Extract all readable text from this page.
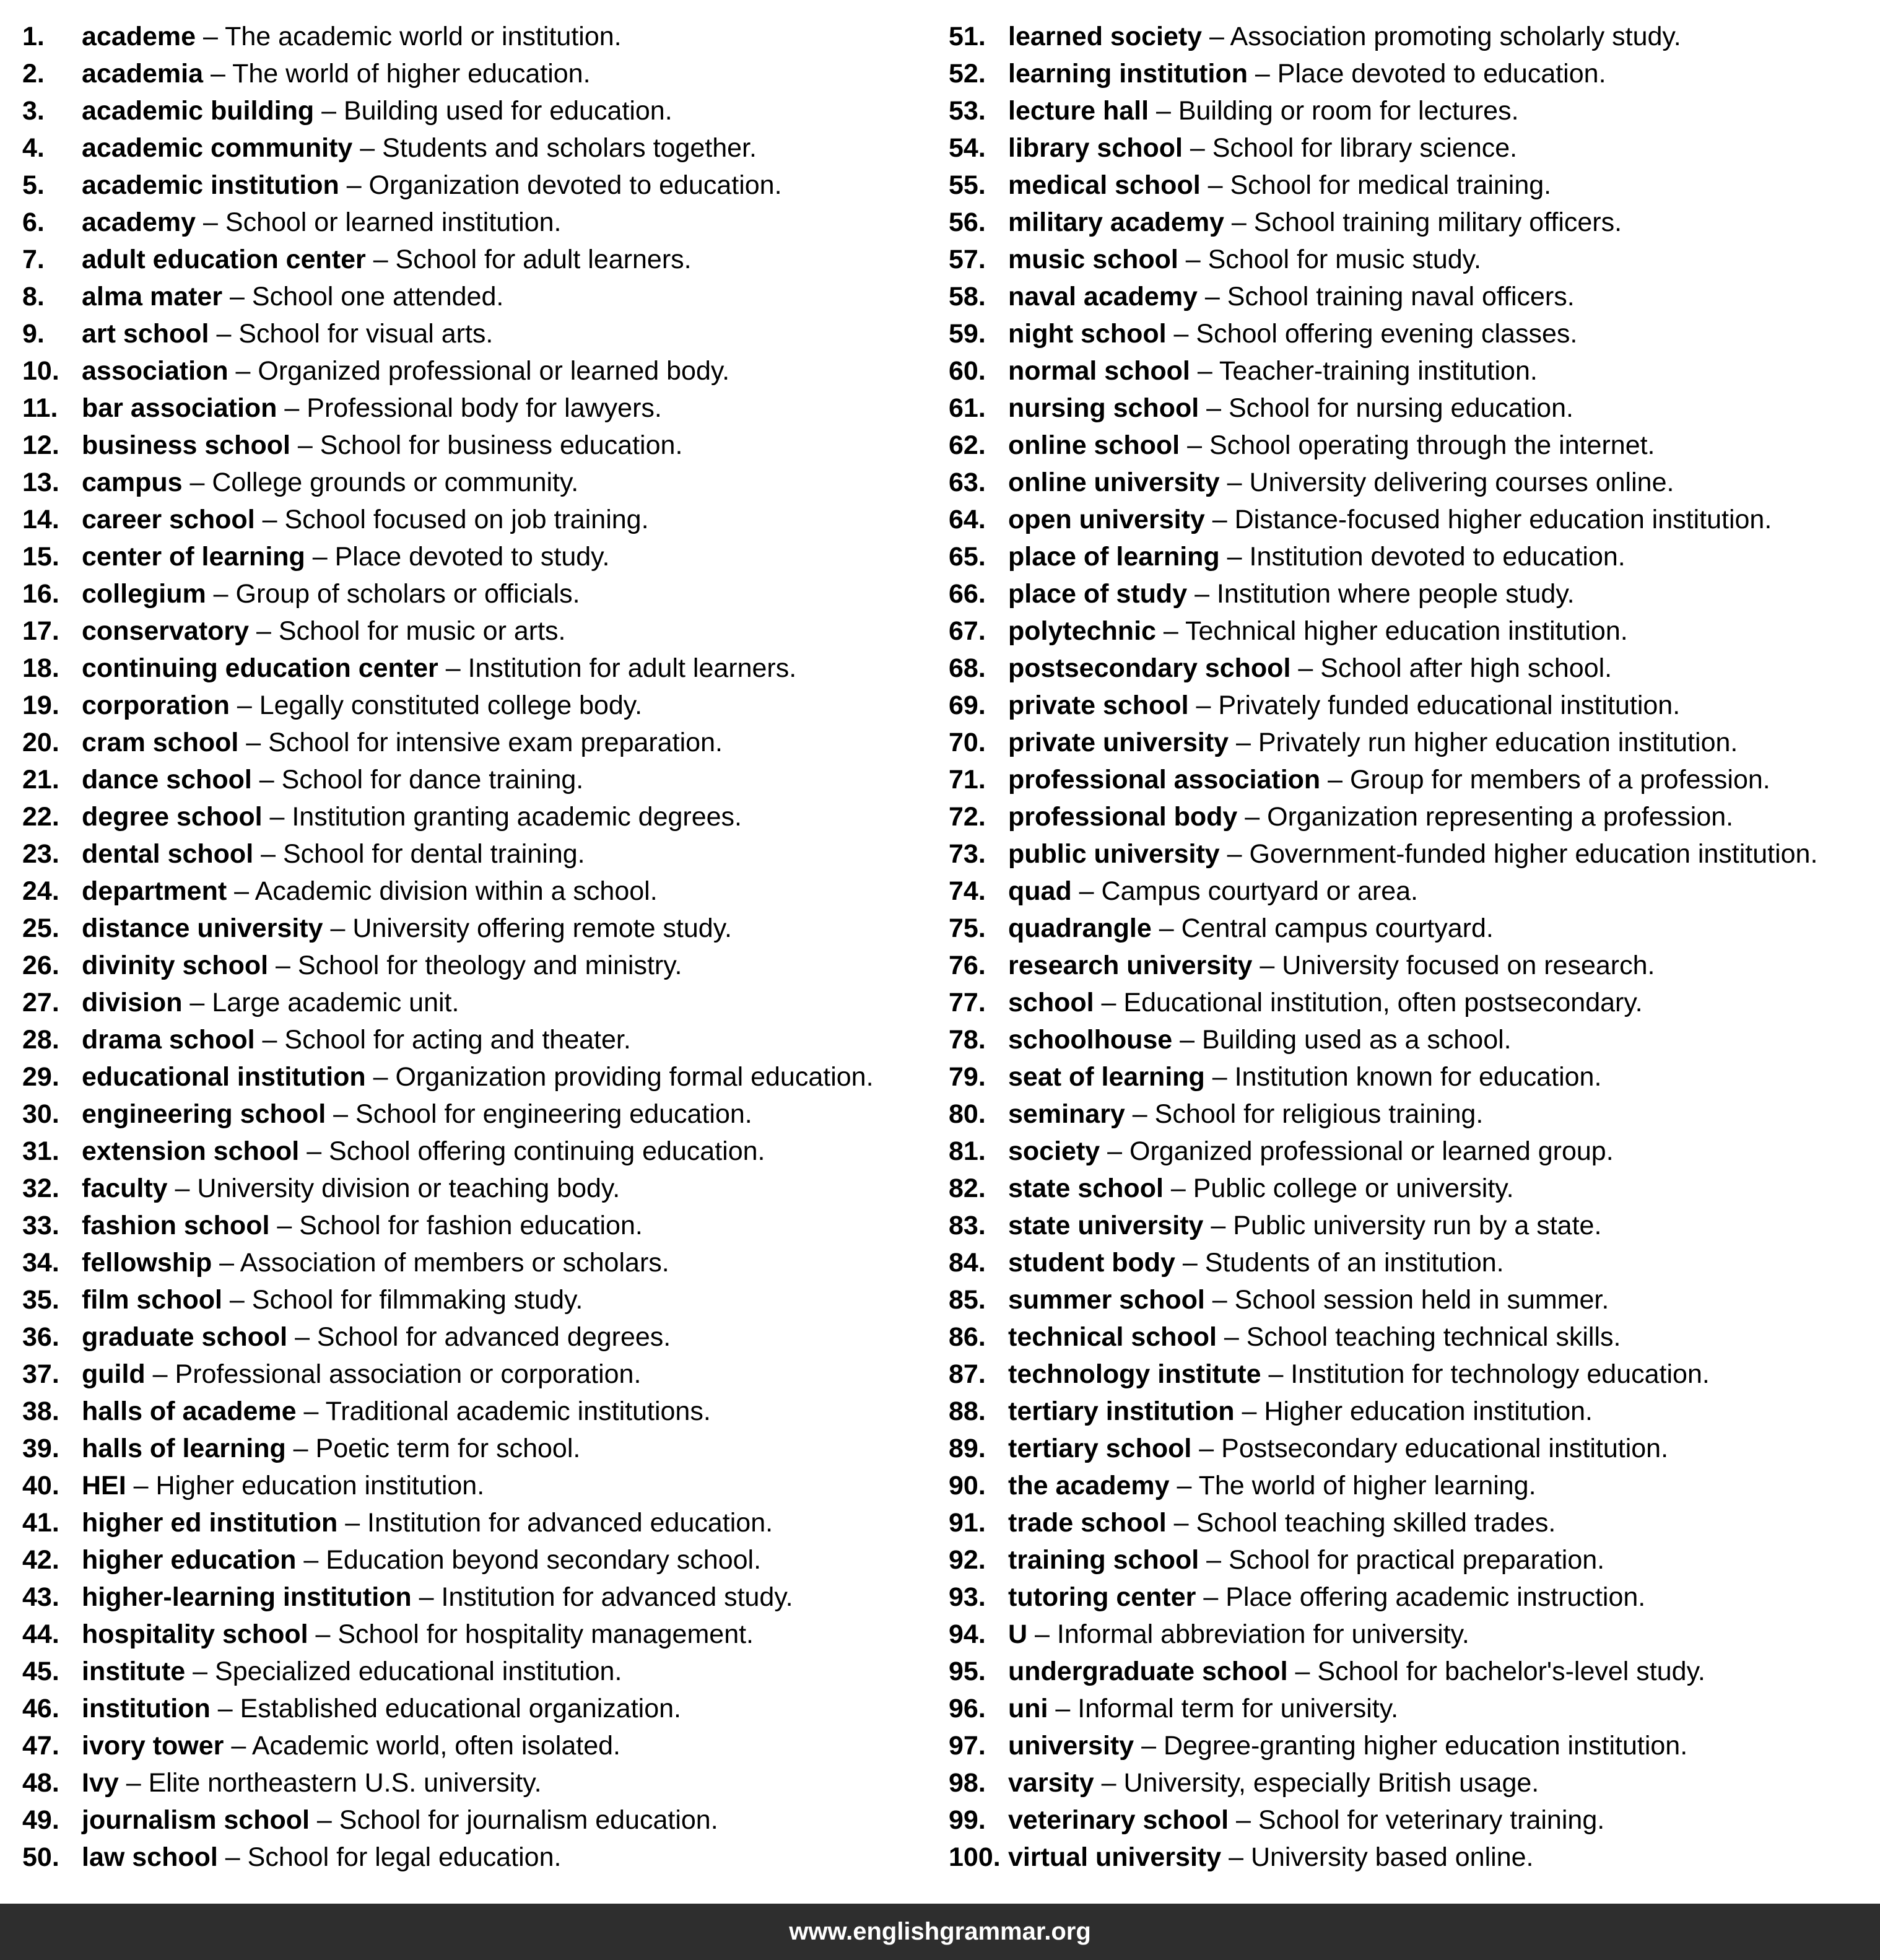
1. academe – The academic world or institution.
2. academia – The world of higher education.
3. academic building – Building used for education.
4. academic community – Students and scholars together.
5. academic institution – Organization devoted to education.
6. academy – School or learned institution.
7. adult education center – School for adult learners.
8. alma mater – School one attended.
9. art school – School for visual arts.
10. association – Organized professional or learned body.
11. bar association – Professional body for lawyers.
12. business school – School for business education.
13. campus – College grounds or community.
14. career school – School focused on job training.
15. center of learning – Place devoted to study.
16. collegium – Group of scholars or officials.
17. conservatory – School for music or arts.
18. continuing education center – Institution for adult learners.
19. corporation – Legally constituted college body.
20. cram school – School for intensive exam preparation.
21. dance school – School for dance training.
22. degree school – Institution granting academic degrees.
23. dental school – School for dental training.
24. department – Academic division within a school.
25. distance university – University offering remote study.
26. divinity school – School for theology and ministry.
27. division – Large academic unit.
28. drama school – School for acting and theater.
29. educational institution – Organization providing formal education.
30. engineering school – School for engineering education.
31. extension school – School offering continuing education.
32. faculty – University division or teaching body.
33. fashion school – School for fashion education.
34. fellowship – Association of members or scholars.
35. film school – School for filmmaking study.
36. graduate school – School for advanced degrees.
37. guild – Professional association or corporation.
38. halls of academe – Traditional academic institutions.
39. halls of learning – Poetic term for school.
40. HEI – Higher education institution.
41. higher ed institution – Institution for advanced education.
42. higher education – Education beyond secondary school.
43. higher-learning institution – Institution for advanced study.
44. hospitality school – School for hospitality management.
45. institute – Specialized educational institution.
46. institution – Established educational organization.
47. ivory tower – Academic world, often isolated.
48. Ivy – Elite northeastern U.S. university.
49. journalism school – School for journalism education.
50. law school – School for legal education.
51. learned society – Association promoting scholarly study.
52. learning institution – Place devoted to education.
53. lecture hall – Building or room for lectures.
54. library school – School for library science.
55. medical school – School for medical training.
56. military academy – School training military officers.
57. music school – School for music study.
58. naval academy – School training naval officers.
59. night school – School offering evening classes.
60. normal school – Teacher-training institution.
61. nursing school – School for nursing education.
62. online school – School operating through the internet.
63. online university – University delivering courses online.
64. open university – Distance-focused higher education institution.
65. place of learning – Institution devoted to education.
66. place of study – Institution where people study.
67. polytechnic – Technical higher education institution.
68. postsecondary school – School after high school.
69. private school – Privately funded educational institution.
70. private university – Privately run higher education institution.
71. professional association – Group for members of a profession.
72. professional body – Organization representing a profession.
73. public university – Government-funded higher education institution.
74. quad – Campus courtyard or area.
75. quadrangle – Central campus courtyard.
76. research university – University focused on research.
77. school – Educational institution, often postsecondary.
78. schoolhouse – Building used as a school.
79. seat of learning – Institution known for education.
80. seminary – School for religious training.
81. society – Organized professional or learned group.
82. state school – Public college or university.
83. state university – Public university run by a state.
84. student body – Students of an institution.
85. summer school – School session held in summer.
86. technical school – School teaching technical skills.
87. technology institute – Institution for technology education.
88. tertiary institution – Higher education institution.
89. tertiary school – Postsecondary educational institution.
90. the academy – The world of higher learning.
91. trade school – School teaching skilled trades.
92. training school – School for practical preparation.
93. tutoring center – Place offering academic instruction.
94. U – Informal abbreviation for university.
95. undergraduate school – School for bachelor's-level study.
96. uni – Informal term for university.
97. university – Degree-granting higher education institution.
98. varsity – University, especially British usage.
99. veterinary school – School for veterinary training.
100. virtual university – University based online.
www.englishgrammar.org
